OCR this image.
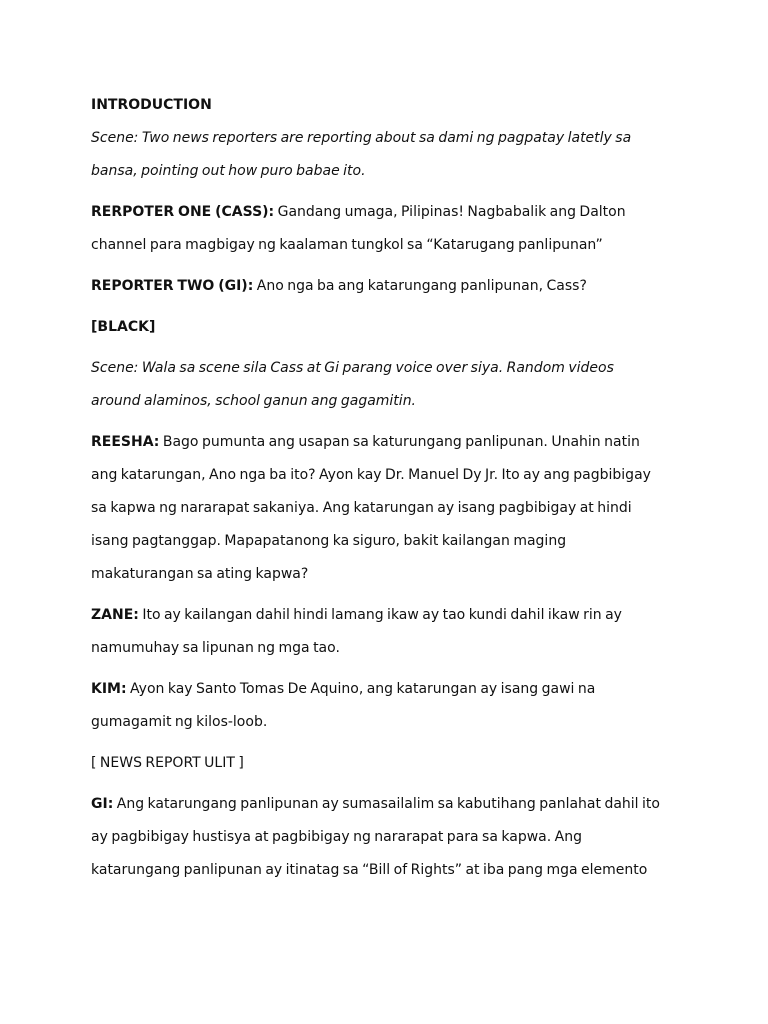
INTRODUCTION
Scene: Two news reporters are reporting about sa dami ng pagpatay latetly sa
bansa, pointing out how puro babae ito.
RERPOTER ONE (CASS): Gandang umaga, Pilipinas! Nagbabalik ang Dalton
channel para magbigay ng kaalaman tungkol sa “Katarugang panlipunan”
REPORTER TWO (GI): Ano nga ba ang katarungang panlipunan, Cass?
[BLACK]
Scene: Wala sa scene sila Cass at Gi parang voice over siya. Random videos
around alaminos, school ganun ang gagamitin.
REESHA: Bago pumunta ang usapan sa katurungang panlipunan. Unahin natin
ang katarungan, Ano nga ba ito? Ayon kay Dr. Manuel Dy Jr. Ito ay ang pagbibigay
sa kapwa ng nararapat sakaniya. Ang katarungan ay isang pagbibigay at hindi
isang pagtanggap. Mapapatanong ka siguro, bakit kailangan maging
makaturangan sa ating kapwa?
ZANE: Ito ay kailangan dahil hindi lamang ikaw ay tao kundi dahil ikaw rin ay
namumuhay sa lipunan ng mga tao.
KIM: Ayon kay Santo Tomas De Aquino, ang katarungan ay isang gawi na
gumagamit ng kilos-loob.
[ NEWS REPORT ULIT ]
GI: Ang katarungang panlipunan ay sumasailalim sa kabutihang panlahat dahil ito
ay pagbibigay hustisya at pagbibigay ng nararapat para sa kapwa. Ang
katarungang panlipunan ay itinatag sa “Bill of Rights” at iba pang mga elemento
